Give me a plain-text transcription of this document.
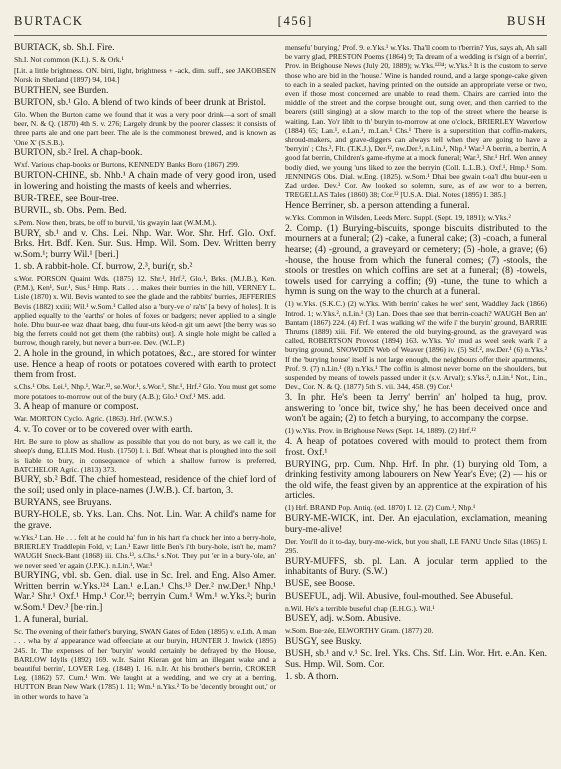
BURTACK	[456]	BUSH

BURTACK, sb. Sh.I. Fire.

Sh.I. Not common (K.I.). S. & Ork.¹

[Lit. a little brightness. ON. birti, light, brightness + -ack, dim. suff., see JAKOBSEN Norsk in Shetland (1897) 94, 104.]

BURTHEN, see Burden.

BURTON, sb.¹ Glo. A blend of two kinds of beer drunk at Bristol.

Glo. When the Burton came we found that it was a very poor drink—a sort of small beer, N. & Q. (1870) 4th S. v. 276; Largely drunk by the poorer classes: it consists of three parts ale and one part beer. The ale is the commonest brewed, and is known as 'One X' (S.S.B.).

BURTON, sb.² Irel. A chap-book.

Wxf. Various chap-books or Burtons, KENNEDY Banks Boro (1867) 299.

BURTON-CHINE, sb. Nhb.¹ A chain made of very good iron, used in lowering and hoisting the masts of keels and wherries.

BUR-TREE, see Bour-tree.

BURVIL, sb. Obs. Pem. Bed.

s.Pem. Now then, brats, be off to burvil, 'tis gwayin laat (W.M.M.).

BURY, sb.¹ and v. Chs. Lei. Nhp. War. Wor. Shr. Hrf. Glo. Oxf. Brks. Hrt. Bdf. Ken. Sur. Sus. Hmp. Wil. Som. Dev. Written berry w.Som.¹; burry Wil.¹ [beri.]

1. sb. A rabbit-hole. Cf. burrow, 2.³, buri(r, sb.²

s.Wor. PORSON Quaint Wds. (1875) 12. Shr.¹, Hrf.², Glo.¹, Brks. (M.J.B.), Ken. (P.M.), Ken¹, Sur.¹, Sus.¹ Hmp. Rats . . . makes their burries in the hill, VERNEY L. Lisle (1870) x. Wil. Bevis wanted to see the glade and the rabbits' burries, JEFFERIES Bevis (1882) xxiii; Wil.¹ w.Som.¹ Called also a 'bury-ve o' ra'ts' [a bevy of holes]. It is applied equally to the 'earths' or holes of foxes or badgers; never applied to a single hole. Dhu buur-ee waz dhaat baeg, dhu fuur-uts kèod-n git um aewt [the berry was so big the ferrets could not get them (the rabbits) out]. A single hole might be called a burrow, though rarely, but never a burr-ee. Dev. (W.L.P.)

2. A hole in the ground, in which potatoes, &c., are stored for winter use. Hence a heap of roots or potatoes covered with earth to protect them from frost.

s.Chs.¹ Obs. Lei.¹, Nhp.¹, War.²³, se.Wor.¹, s.Wor.¹, Shr.¹, Hrf.² Glo. You must get some more potatoes to-morrow out of the bury (A.B.); Glo.¹ Oxf.¹ MS. add.

3. A heap of manure or compost.

War. MORTON Cyclo. Agric. (1863). Hrf. (W.W.S.)

4. v. To cover or to be covered over with earth.

Hrt. Be sure to plow as shallow as possible that you do not bury, as we call it, the sheep's dung, ELLIS Mod. Husb. (1750) I. i. Bdf. Wheat that is ploughed into the soil is liable to bury, in consequence of which a shallow furrow is preferred, BATCHELOR Agric. (1813) 373.

BURY, sb.² Bdf. The chief homestead, residence of the chief lord of the soil; used only in place-names (J.W.B.). Cf. barton, 3.

BURYANS, see Bruyans.

BURY-HOLE, sb. Yks. Lan. Chs. Not. Lin. War. A child's name for the grave.

w.Yks.² Lan. He . . . felt at he could ha' fun in his hart t'a chuck her into a berry-hole, BRIERLEY Traddlepin Fold, v; Lan.¹ Eawr little Ben's i'th bury-hole, isn't he, mam? WAUGH Sneck-Bant (1868) iii. Chs.¹³, s.Chs.¹ s.Not. They put 'er in a bury-'ole, an' we never seed 'er again (J.P.K.). n.Lin.¹, War.³

BURYING, vbl. sb. Gen. dial. use in Sc. Irel. and Eng. Also Amer. Written berrin w.Yks.¹²⁴ Lan.¹ e.Lan.¹ Chs.¹³ Der.² nw.Der.¹ Nhp.¹ War.² Shr.¹ Oxf.¹ Hmp.¹ Cor.¹²; berryin Cum.¹ Wm.¹ w.Yks.²; burin w.Som.¹ Dev.³ [be·rin.]

1. A funeral, burial.

Sc. The evening of their father's burying, SWAN Gates of Eden (1895) v. e.Lth. A man . . . wha by a' appearance wad offeeciate at our buryin, HUNTER J. Inwick (1895) 245. Ir. The expenses of her 'buryin' would certainly be defrayed by the House, BARLOW Idylls (1892) 169. w.Ir. Saint Kieran got him an illegant wake and a beautiful berrin', LOVER Leg. (1848) I. 16. n.Ir. At his brother's berrin, CROKER Leg. (1862) 57. Cum.¹ Wm. We laught at a wedding, and we cry at a berring, HUTTON Bran New Wark (1785) l. 11; Wm.¹ n.Yks.² To be 'decently brought out,' or in other words to have 'a

mensefu' burying,' Prof. 9. e.Yks.¹ w.Yks. Tha'll coom to t'berrin? Yus, says ah, Ah sall be varry glad, PRESTON Poems (1864) 9; Ta dream of a wedding is t'sign of a berrin', Prov. in Brighouse News (July 20, 1889); w.Yks.¹²³⁴; w.Yks.³ It is the custom to serve those who are bid in the 'house.' Wine is handed round, and a large sponge-cake given to each in a sealed packet, having printed on the outside an appropriate verse or two, even if those most concerned are unable to read them. Chairs are carried into the middle of the street and the corpse brought out, sung over, and then carried to the bearers (still singing) at a slow march to the top of the street where the hearse is waiting. Lan. Yo'r liblt to th' buryin to-morrow at one o'clock, BRIERLEY Waverlow (1884) 65; Lan.¹, e.Lan.¹, m.Lan.¹ Chs.¹ There is a superstition that coffin-makers, shroud-makers, and grave-diggers can always tell when they are going to have a 'berryin' ; Chs.³, Flt. (T.K.J.), Der.¹², nw.Der.¹, n.Lin.¹, Nhp.¹ War.² A berrin, a berrin, A good fat berrin, Children's game-rhyme at a mock funeral; War.³, Shr.¹ Hrf. Wen anney bodiy died, we young 'uns liked to zee the berryin (Coll. L.L.B.). Oxf.¹, Hmp.¹ Som. JENNINGS Obs. Dial. w.Eng. (1825). w.Som.¹ Dhai bee gwain t-oa'l dhu buur-een u Zad urdee. Dev.³ Cor. Aw looked so solemn, sure, as ef aw wor to a berren, TREGELLAS Tales (1860) 38; Cor.¹² [U.S.A. Dial. Notes (1895) I. 385.]

Hence Berriner, sb. a person attending a funeral.

w.Yks. Common in Wilsden, Leeds Merc. Suppl. (Sept. 19, 1891); w.Yks.²

2. Comp. (1) Burying-biscuits, sponge biscuits distributed to the mourners at a funeral; (2) -cake, a funeral cake; (3) -coach, a funeral hearse; (4) -ground, a graveyard or cemetery; (5) -hole, a grave; (6) -house, the house from which the funeral comes; (7) -stools, the stools or trestles on which coffins are set at a funeral; (8) -towels, towels used for carrying a coffin; (9) -tune, the tune to which a hymn is sung on the way to the church at a funeral.

(1) w.Yks. (S.K.C.) (2) w.Yks. With berrin' cakes he wer' sent, Waddley Jack (1866) Introd. 1; w.Yks.², n.Lin.¹ (3) Lan. Does thae see that berrin-coach? WAUGH Ben an' Bantam (1867) 224. (4) Frf. I was walking wi' the wife i' the buryin' ground, BARRIE Thrums (1889) xiii. Fif. We entered the old burying-ground, as the graveyard was called, ROBERTSON Provost (1894) 163. w.Yks. Yo' mud as weel seek wark i' a burying ground, SNOWDEN Web of Weaver (1896) iv. (5) Stf.², nw.Der.¹ (6) n.Yks.² If the 'burying house' itself is not large enough, the neighbours offer their apartments, Prof. 9. (7) n.Lin.¹ (8) n.Yks.¹ The coffin is almost never borne on the shoulders, but suspended by means of towels passed under it (s.v. Arval); s.Yks.², n.Lin.¹ Not., Lin., Dev., Cor. N. & Q. (1877) 5th S. vii. 344, 458. (9) Cor.¹

3. In phr. He's been ta Jerry' berrin' an' holped ta hug, prov. answering to 'once bit, twice shy,' he has been deceived once and won't be again; (2) to fetch a burying, to accompany the corpse.

(1) w.Yks. Prov. in Brighouse News (Sept. 14, 1889). (2) Hrf.¹²

4. A heap of potatoes covered with mould to protect them from frost. Oxf.¹

BURYING, prp. Cum. Nhp. Hrf. In phr. (1) burying old Tom, a drinking festivity among labourers on New Year's Eve; (2) — his or the old wife, the feast given by an apprentice at the expiration of his articles.

(1) Hrf. BRAND Pop. Antiq. (ed. 1870) I. 12. (2) Cum.¹, Nhp.¹

BURY-ME-WICK, int. Der. An ejaculation, exclamation, meaning bury-me-alive!

Der. You'll do it to-day, bury-me-wick, but you shall, LE FANU Uncle Silas (1865) I. 295.

BURY-MUFFS, sb. pl. Lan. A jocular term applied to the inhabitants of Bury. (S.W.)

BUSE, see Boose.

BUSEFUL, adj. Wil. Abusive, foul-mouthed. See Abuseful.

n.Wil. He's a terrible buseful chap (E.H.G.). Wil.¹

BUSEY, adj. w.Som. Abusive.

w.Som. Bue·zée, ELWORTHY Gram. (1877) 20.

BUSGY, see Busky.

BUSH, sb.¹ and v.¹ Sc. Irel. Yks. Chs. Stf. Lin. Wor. Hrt. e.An. Ken. Sus. Hmp. Wil. Som. Cor.

1. sb. A thorn.
